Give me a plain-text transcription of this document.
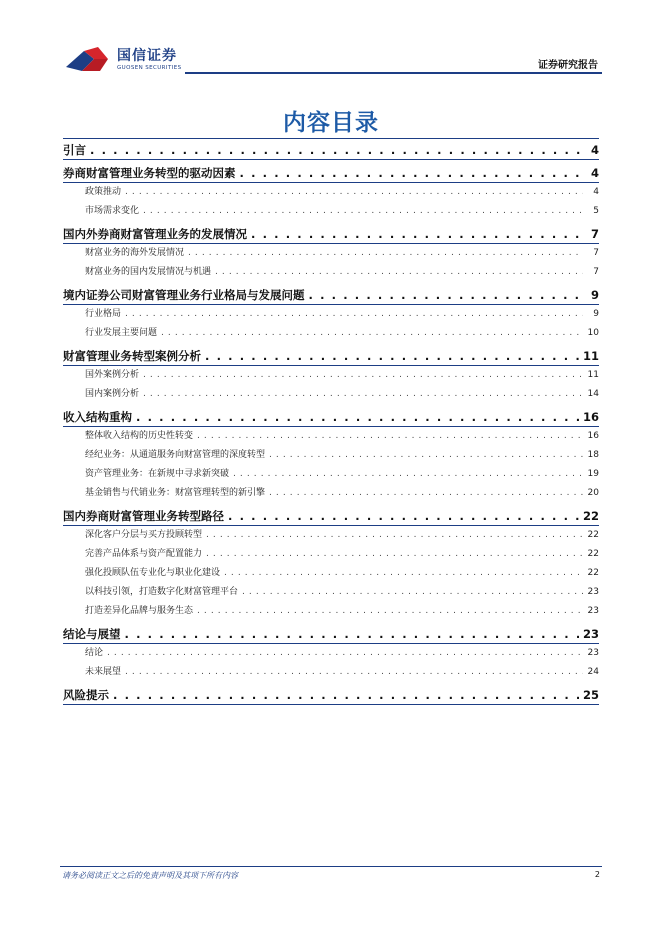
国信证券
GUOSEN SECURITIES	证券研究报告
内容目录
引言 . . .	4
券商财富管理业务转型的驱动因素 . . .	4
政策推动 . . .	4
市场需求变化 . . .	5
国内外券商财富管理业务的发展情况 . . .	7
财富业务的海外发展情况 . . .	7
财富业务的国内发展情况与机遇 . . .	7
境内证券公司财富管理业务行业格局与发展问题 . . .	9
行业格局 . . .	9
行业发展主要问题 . . .	10
财富管理业务转型案例分析 . . .	11
国外案例分析 . . .	11
国内案例分析 . . .	14
收入结构重构 . . .	16
整体收入结构的历史性转变 . . .	16
经纪业务：从通道服务向财富管理的深度转型 . . .	18
资产管理业务：在新规中寻求新突破 . . .	19
基金销售与代销业务：财富管理转型的新引擎 . . .	20
国内券商财富管理业务转型路径 . . .	22
深化客户分层与买方投顾转型 . . .	22
完善产品体系与资产配置能力 . . .	22
强化投顾队伍专业化与职业化建设 . . .	22
以科技引领，打造数字化财富管理平台 . . .	23
打造差异化品牌与服务生态 . . .	23
结论与展望 . . .	23
结论 . . .	23
未来展望 . . .	24
风险提示 . . .	25
请务必阅读正文之后的免责声明及其项下所有内容	2
